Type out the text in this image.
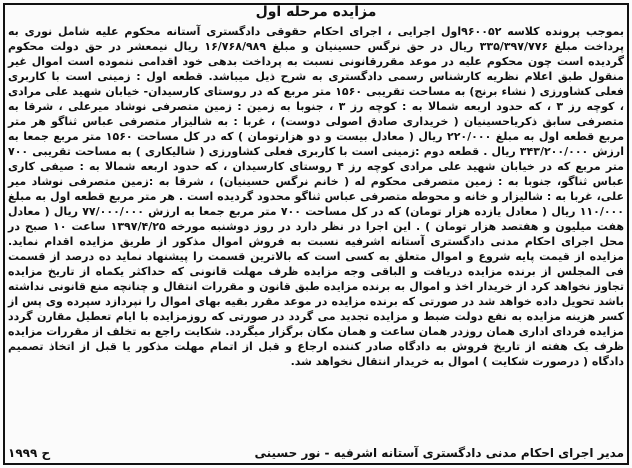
مزایده مرحله اول
بموجب پرونده کلاسه ۹۶۰۰۵۲اول اجرایی ، اجرای احکام حقوقی دادگستری آستانه محکوم علیه شامل نوری به پرداخت مبلغ ۳۳۵/۳۹۷/۷۷۶ ریال در حق نرگس حسینیان و مبلغ ۱۶/۷۶۸/۹۸۹ ریال نیمعشر در حق دولت محکوم گردیده است چون محکوم علیه در موعد مقررقانونی نسبت به پرداخت بدهی خود اقدامی ننموده است اموال غیر منقول طبق اعلام نظریه کارشناس رسمی دادگستری به شرح ذیل میباشد. قطعه اول : زمینی است با کاربری فعلی کشاورزی ( نشاء برنج) به مساحت تقریبی ۱۵۶۰ متر مربع که در روستای کارسیدان- خیابان شهید علی مرادی ، کوچه رز ۳ ، که حدود اربعه شمالا به : کوچه رز ۳ ، جنوبا به زمین : زمین متصرفی نوشاد میرعلی ، شرقا به متصرفی سابق ذکریاحسینیان ( خریداری صادق اصولی دوست) ، غربا : به شالیزار متصرفی عباس ثناگو هر متر مربع قطعه اول به مبلغ ۲۲۰/۰۰۰ ریال ( معادل بیست و دو هزارتومان ) که در کل مساحت ۱۵۶۰ متر مربع جمعا به ارزش ۳۴۳/۲۰۰/۰۰۰ ریال . قطعه دوم :زمینی است با کاربری فعلی کشاورزی ( شالیکاری ) به مساحت تقریبی ۷۰۰ متر مربع که در خیابان شهید علی مرادی کوچه رز ۴ روستای کارسیدان ، که حدود اربعه شمالا به : صیفی کاری عباس ثناگو، جنوبا به : زمین متصرفی محکوم له ( خانم نرگس حسینیان) ، شرقا به :زمین متصرفی نوشاد میر علی، غربا به : شالیزار و خانه و محوطه متصرفی عباس ثناگو محدود گردیده است . هر متر مربع قطعه اول به مبلغ ۱۱۰/۰۰۰ ریال ( معادل یازده هزار تومان) که در کل مساحت ۷۰۰ متر مربع جمعا به ارزش ۷۷/۰۰۰/۰۰۰ ریال ( معادل هفت میلیون و هفتصد هزار تومان ) . این اجرا در نظر دارد در روز دوشنبه مورخه ۱۳۹۷/۴/۲۵ ساعت ۱۰ صبح در محل اجرای احکام مدنی دادگستری آستانه اشرفیه نسبت به فروش اموال مذکور از طریق مزایده اقدام نماید. مزایده از قیمت پایه شروع و اموال متعلق به کسی است که بالاترین قسمت را پیشنهاد نماید ده درصد از قسمت فی المجلس از برنده مزایده دریافت و الباقی وجه مزایده ظرف مهلت قانونی که حداکثر یکماه از تاریخ مزایده تجاوز نخواهد کرد از خریدار اخذ و اموال به برنده مزایده طبق قانون و مقررات انتقال و چنانچه منع قانونی نداشته باشد تحویل داده خواهد شد در صورتی که برنده مزایده در موعد مقرر بقیه بهای اموال را نپردازد سپرده وی پس از کسر هزینه مزایده به نفع دولت ضبط و مزایده تجدید می گردد در صورتی که روزمزایده با ایام تعطیل مقارن گردد مزایده فردای اداری همان روزدر همان ساعت و همان مکان برگزار میگردد. شکایت راجع به تخلف از مقررات مزایده ظرف یک هفته از تاریخ فروش به دادگاه صادر کننده ارجاع و قبل از اتمام مهلت مذکور یا قبل از اتخاذ تصمیم دادگاه ( درصورت شکایت ) اموال به خریدار انتقال نخواهد شد.
مدیر اجرای احکام مدنی دادگستری آستانه اشرفیه - نور حسینی
ح ۱۹۹۹
